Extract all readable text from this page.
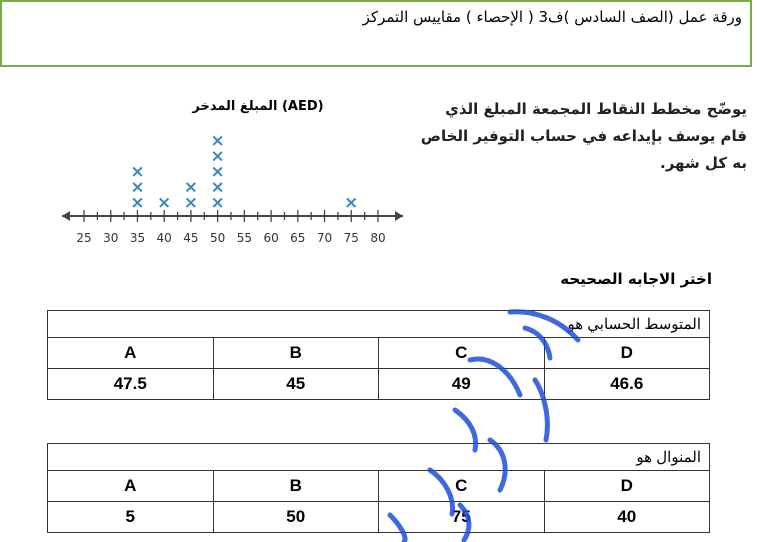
ورقة عمل (الصف السادس )ف3 ( الإحصاء ) مقاييس التمركز
المبلغ المدخر (AED)
25 30 35 40 45 50 55 60 65 70 75 80
×
×
×
× ×
×
×
×
×
×
×
×
يوضّح مخطط النقاط المجمعة المبلغ الذي قام يوسف بإيداعه في حساب التوفير الخاص به كل شهر.
اختر الاجابه الصحيحه
المتوسط الحسابي هو			
A	B	C	D
47.5	45	49	46.6
المنوال هو			
A	B	C	D
5	50	75	40
